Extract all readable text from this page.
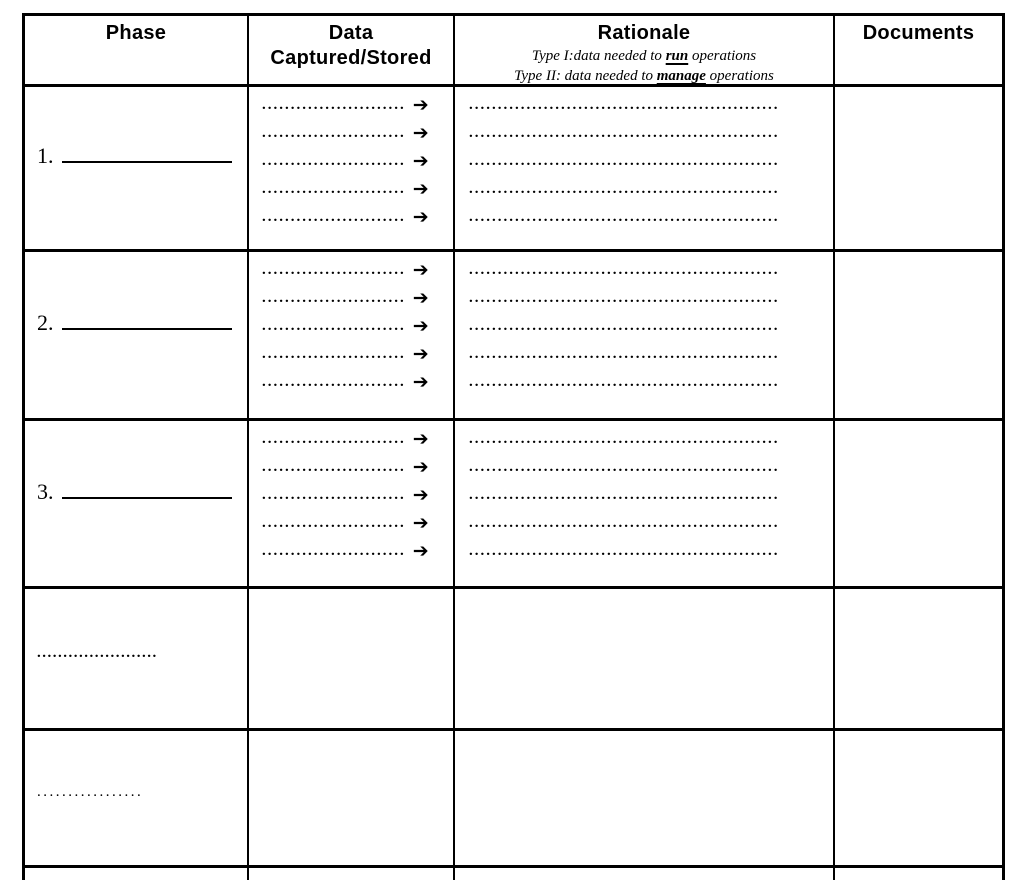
Phase	Data
Captured/Stored
Rationale
Type I:data needed to run operations
Type II: data needed to manage operations
Documents
1.
......................... ➔
......................... ➔
......................... ➔
......................... ➔
......................... ➔
......................................................
......................................................
......................................................
......................................................
......................................................
2.
......................... ➔
......................... ➔
......................... ➔
......................... ➔
......................... ➔
......................................................
......................................................
......................................................
......................................................
......................................................
3.
......................... ➔
......................... ➔
......................... ➔
......................... ➔
......................... ➔
......................................................
......................................................
......................................................
......................................................
......................................................
.......................
.................
